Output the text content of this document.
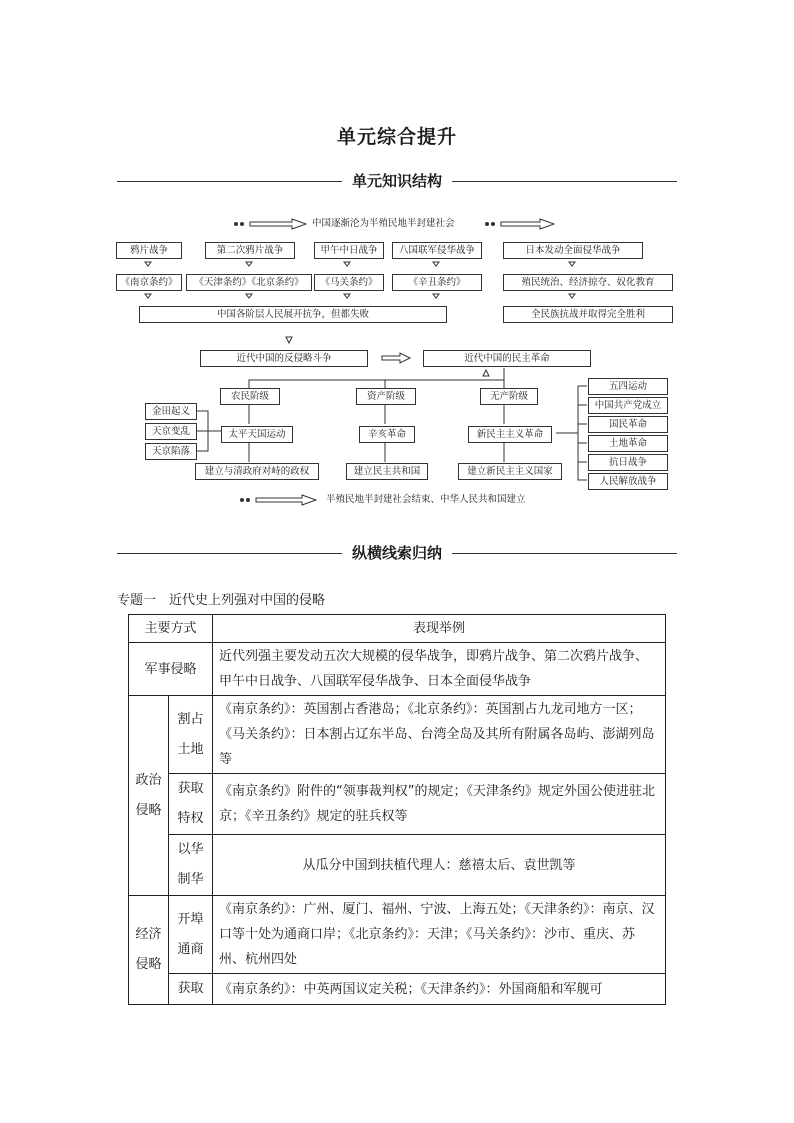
单元综合提升
单元知识结构
中国逐渐沦为半殖民地半封建社会
鸦片战争	第二次鸦片战争	甲午中日战争	八国联军侵华战争	日本发动全面侵华战争
《南京条约》	《天津条约》《北京条约》	《马关条约》	《辛丑条约》	殖民统治、经济掠夺、奴化教育
中国各阶层人民展开抗争，但都失败	全民族抗战并取得完全胜利
近代中国的反侵略斗争	近代中国的民主革命
农民阶级	资产阶级	无产阶级
金田起义
天京变乱
天京陷落
太平天国运动	辛亥革命	新民主主义革命
建立与清政府对峙的政权	建立民主共和国	建立新民主主义国家
五四运动
中国共产党成立
国民革命
土地革命
抗日战争
人民解放战争
半殖民地半封建社会结束、中华人民共和国建立
纵横线索归纳
专题一　近代史上列强对中国的侵略
主要方式		表现举例
军事侵略		近代列强主要发动五次大规模的侵华战争，即鸦片战争、第二次鸦片战争、甲午中日战争、八国联军侵华战争、日本全面侵华战争
政治侵略	割占土地	《南京条约》：英国割占香港岛；《北京条约》：英国割占九龙司地方一区；《马关条约》：日本割占辽东半岛、台湾全岛及其所有附属各岛屿、澎湖列岛等
	获取特权	《南京条约》附件的“领事裁判权”的规定；《天津条约》规定外国公使进驻北京；《辛丑条约》规定的驻兵权等
	以华制华	从瓜分中国到扶植代理人：慈禧太后、袁世凯等
经济侵略	开埠通商	《南京条约》：广州、厦门、福州、宁波、上海五处；《天津条约》：南京、汉口等十处为通商口岸；《北京条约》：天津；《马关条约》：沙市、重庆、苏州、杭州四处
	获取	《南京条约》：中英两国议定关税；《天津条约》：外国商船和军舰可
